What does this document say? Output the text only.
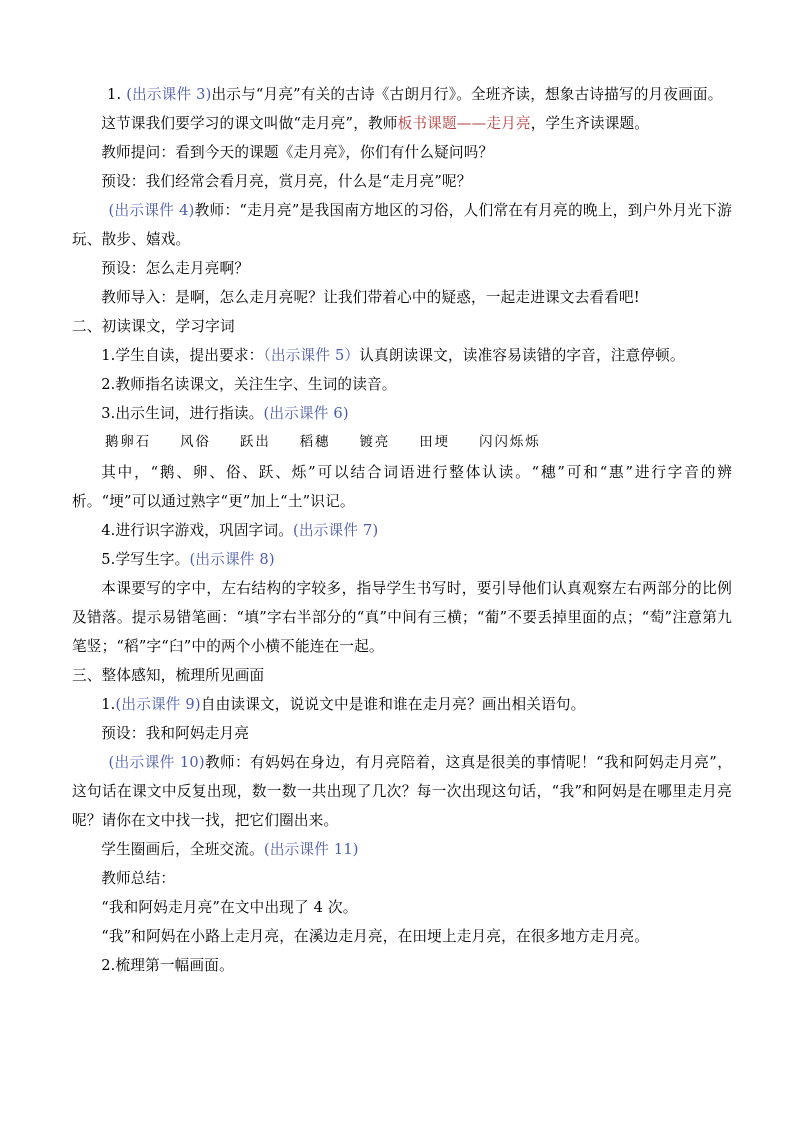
1. (出示课件 3)出示与“月亮”有关的古诗《古朗月行》。全班齐读，想象古诗描写的月夜画面。

这节课我们要学习的课文叫做“走月亮”，教师板书课题——走月亮，学生齐读课题。

教师提问：看到今天的课题《走月亮》，你们有什么疑问吗？

预设：我们经常会看月亮，赏月亮，什么是“走月亮”呢？

(出示课件 4)教师：“走月亮”是我国南方地区的习俗，人们常在有月亮的晚上，到户外月光下游玩、散步、嬉戏。

预设：怎么走月亮啊？

教师导入：是啊，怎么走月亮呢？让我们带着心中的疑惑，一起走进课文去看看吧!

二、初读课文，学习字词

1.学生自读，提出要求：（出示课件 5）认真朗读课文，读准容易读错的字音，注意停顿。

2.教师指名读课文，关注生字、生词的读音。

3.出示生词，进行指读。(出示课件 6)

鹅卵石 风俗 跃出 稻穗 镀亮 田埂 闪闪烁烁

其中，“鹅、卵、俗、跃、烁”可以结合词语进行整体认读。“穗”可和“惠”进行字音的辨析。“埂”可以通过熟字“更”加上“土”识记。

4.进行识字游戏，巩固字词。(出示课件 7)

5.学写生字。(出示课件 8)

本课要写的字中，左右结构的字较多，指导学生书写时，要引导他们认真观察左右两部分的比例及错落。提示易错笔画：“填”字右半部分的“真”中间有三横；“葡”不要丢掉里面的点；“萄”注意第九笔竖；“稻”字“臼”中的两个小横不能连在一起。

三、整体感知，梳理所见画面

1.(出示课件 9)自由读课文，说说文中是谁和谁在走月亮？画出相关语句。

预设：我和阿妈走月亮

(出示课件 10)教师：有妈妈在身边，有月亮陪着，这真是很美的事情呢！“我和阿妈走月亮”，这句话在课文中反复出现，数一数一共出现了几次？每一次出现这句话，“我”和阿妈是在哪里走月亮呢？请你在文中找一找，把它们圈出来。

学生圈画后，全班交流。(出示课件 11)

教师总结：

“我和阿妈走月亮”在文中出现了 4 次。

“我”和阿妈在小路上走月亮，在溪边走月亮，在田埂上走月亮，在很多地方走月亮。

2.梳理第一幅画面。
